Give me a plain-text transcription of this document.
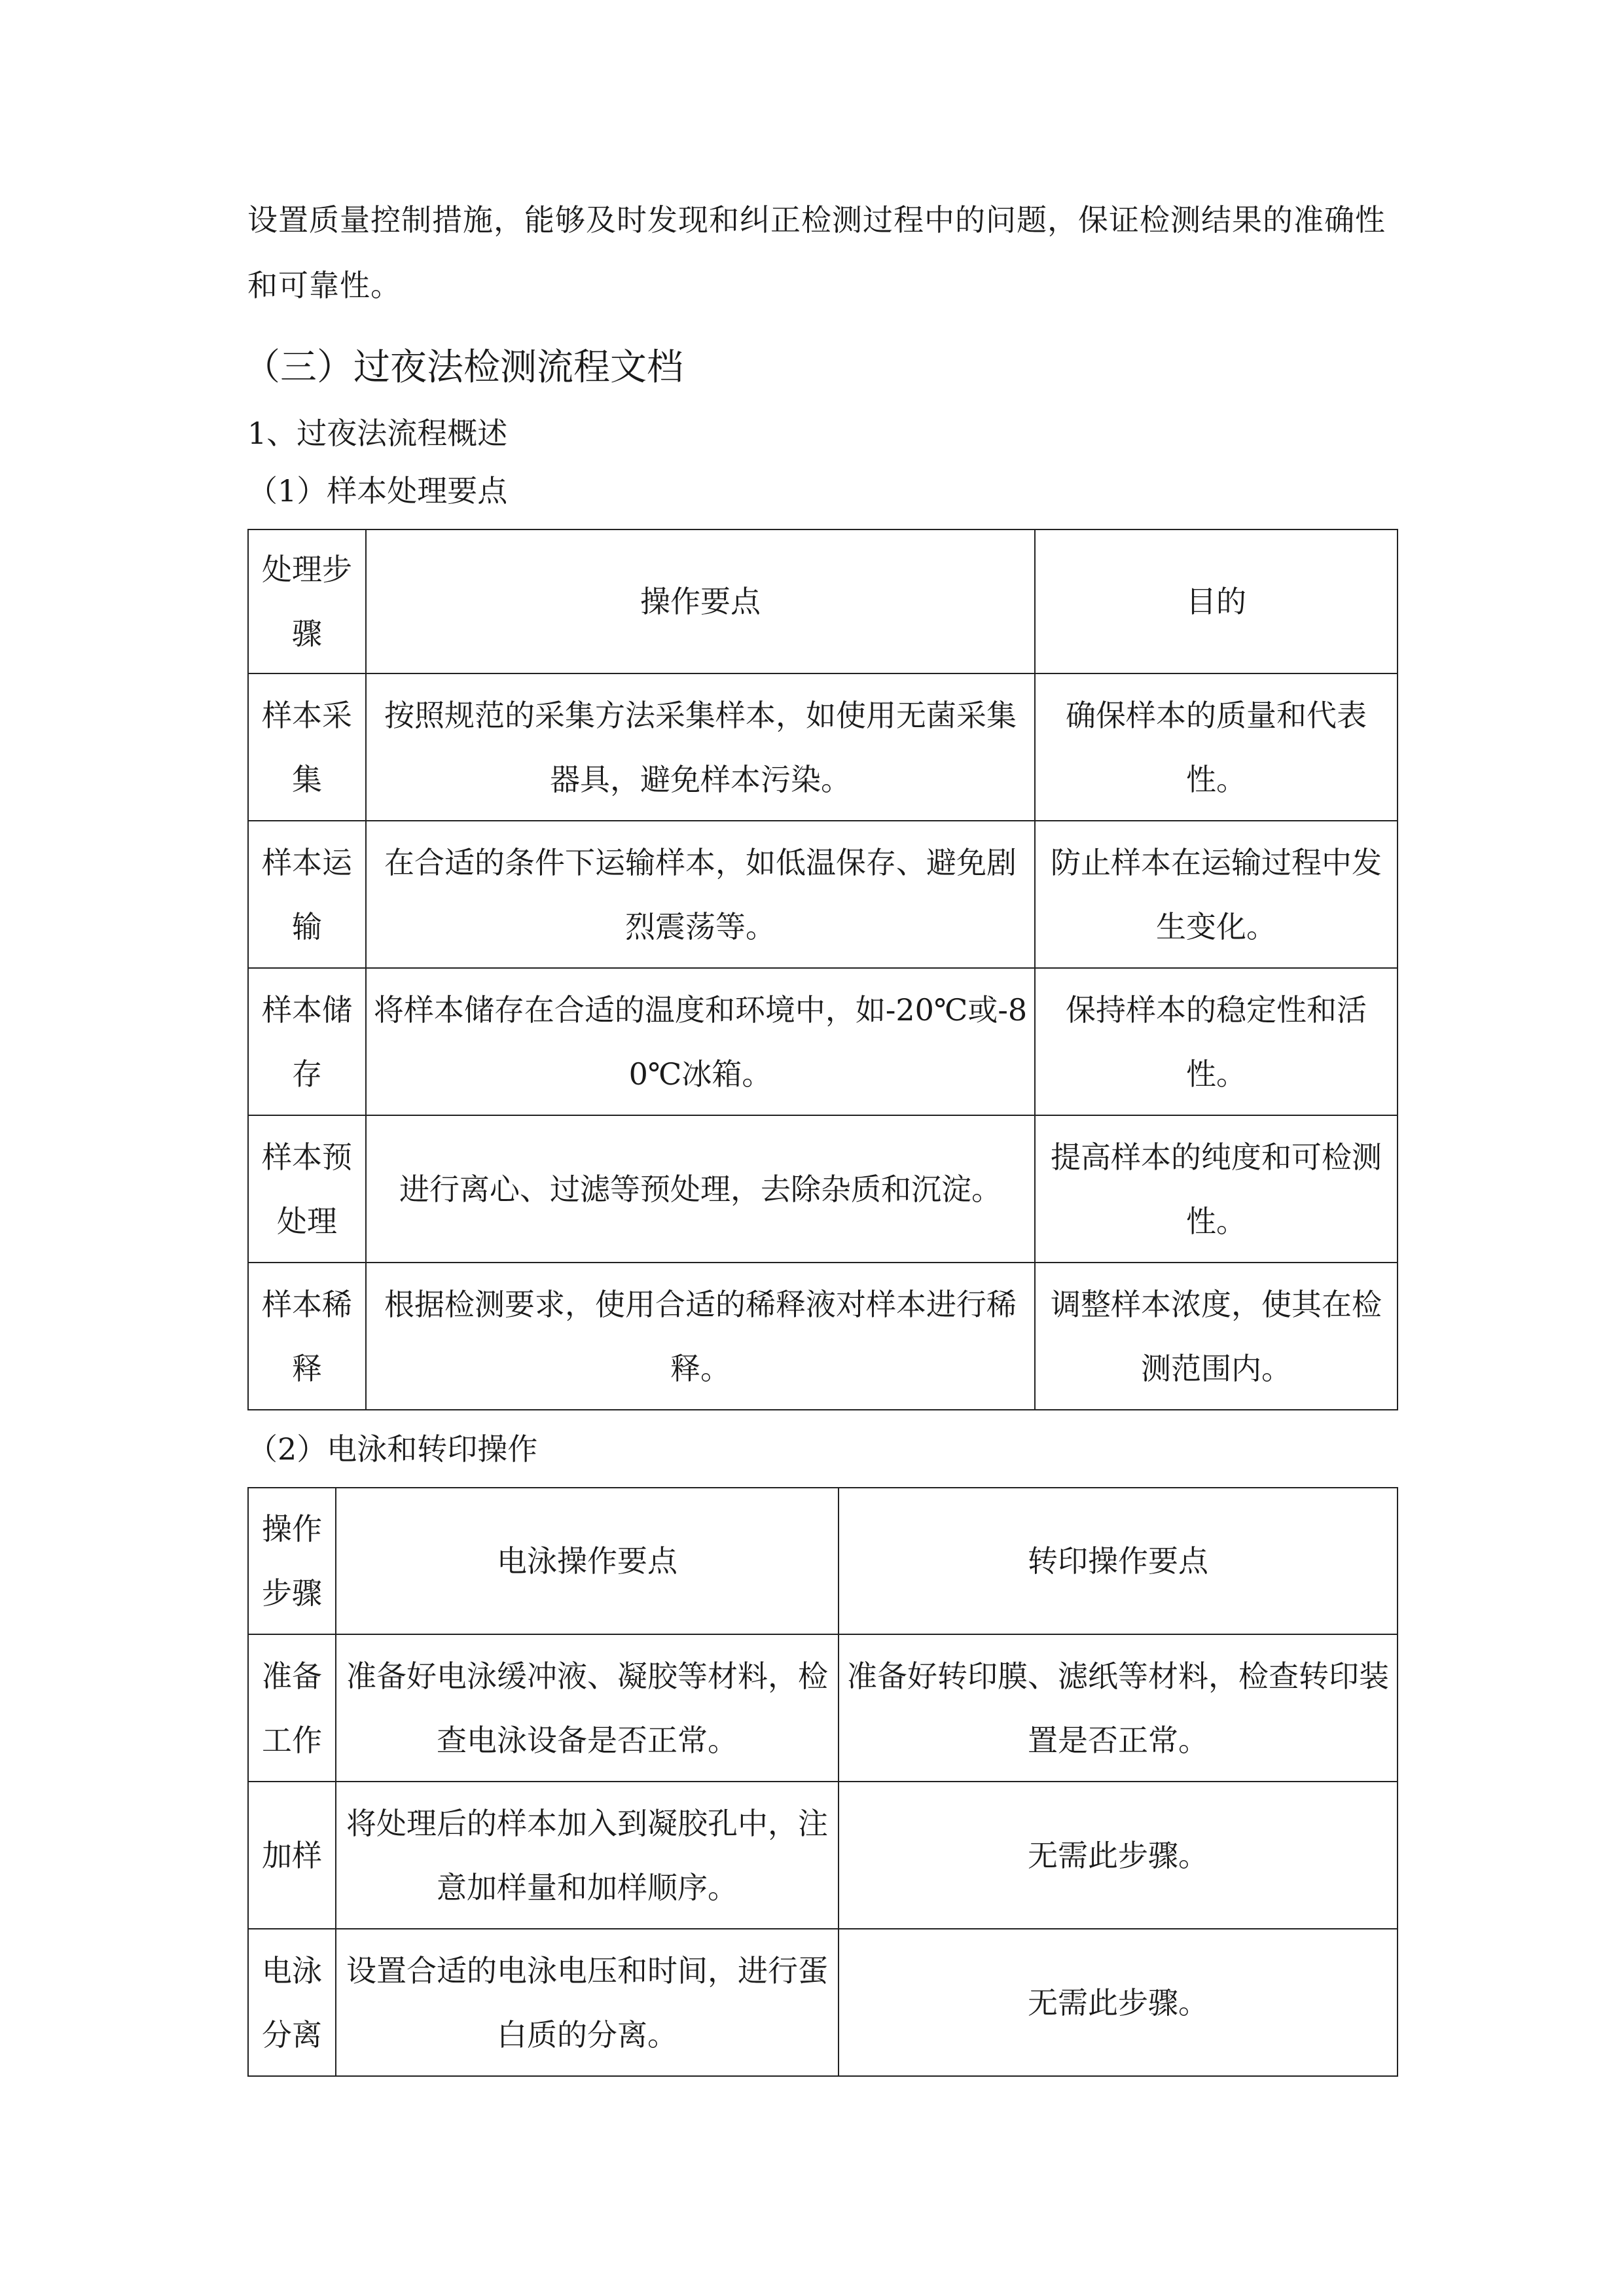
设置质量控制措施，能够及时发现和纠正检测过程中的问题，保证检测结果的准确性和可靠性。
（三）过夜法检测流程文档
1、过夜法流程概述
（1）样本处理要点
处理步骤	操作要点	目的
样本采集	按照规范的采集方法采集样本，如使用无菌采集器具，避免样本污染。	确保样本的质量和代表性。
样本运输	在合适的条件下运输样本，如低温保存、避免剧烈震荡等。	防止样本在运输过程中发生变化。
样本储存	将样本储存在合适的温度和环境中，如-20℃或-80℃冰箱。	保持样本的稳定性和活性。
样本预处理	进行离心、过滤等预处理，去除杂质和沉淀。	提高样本的纯度和可检测性。
样本稀释	根据检测要求，使用合适的稀释液对样本进行稀释。	调整样本浓度，使其在检测范围内。
（2）电泳和转印操作
操作步骤	电泳操作要点	转印操作要点
准备工作	准备好电泳缓冲液、凝胶等材料，检查电泳设备是否正常。	准备好转印膜、滤纸等材料，检查转印装置是否正常。
加样	将处理后的样本加入到凝胶孔中，注意加样量和加样顺序。	无需此步骤。
电泳分离	设置合适的电泳电压和时间，进行蛋白质的分离。	无需此步骤。
